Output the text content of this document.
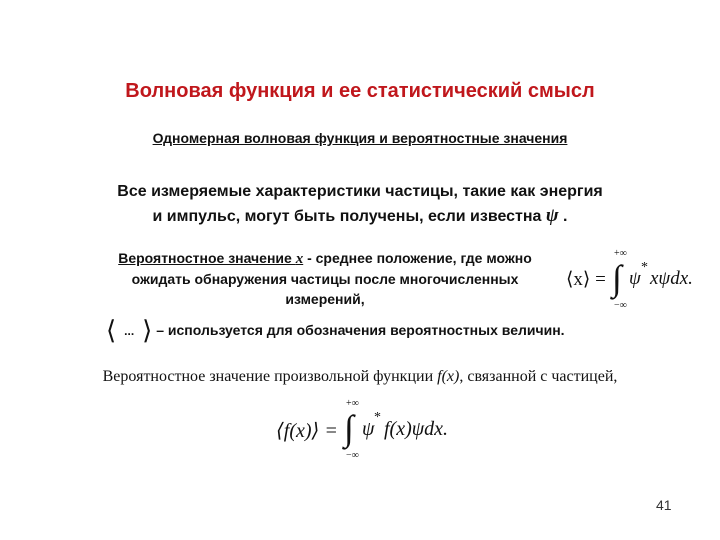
Волновая функция и ее статистический смысл
Одномерная волновая функция и вероятностные значения
Все измеряемые характеристики частицы, такие как энергия
и импульс, могут быть получены, если известна ψ .
Вероятностное значение x - среднее положение, где можно
ожидать обнаружения частицы после многочисленных
измерений,
⟨x⟩ =
+∞
∫
−∞
ψ
*
xψdx.
⟨ ... ⟩ – используется для обозначения вероятностных величин.
Вероятностное значение произвольной функции f(x), связанной с частицей,
⟨f(x)⟩ =
+∞
∫
−∞
ψ
*
f(x)ψdx.
41
